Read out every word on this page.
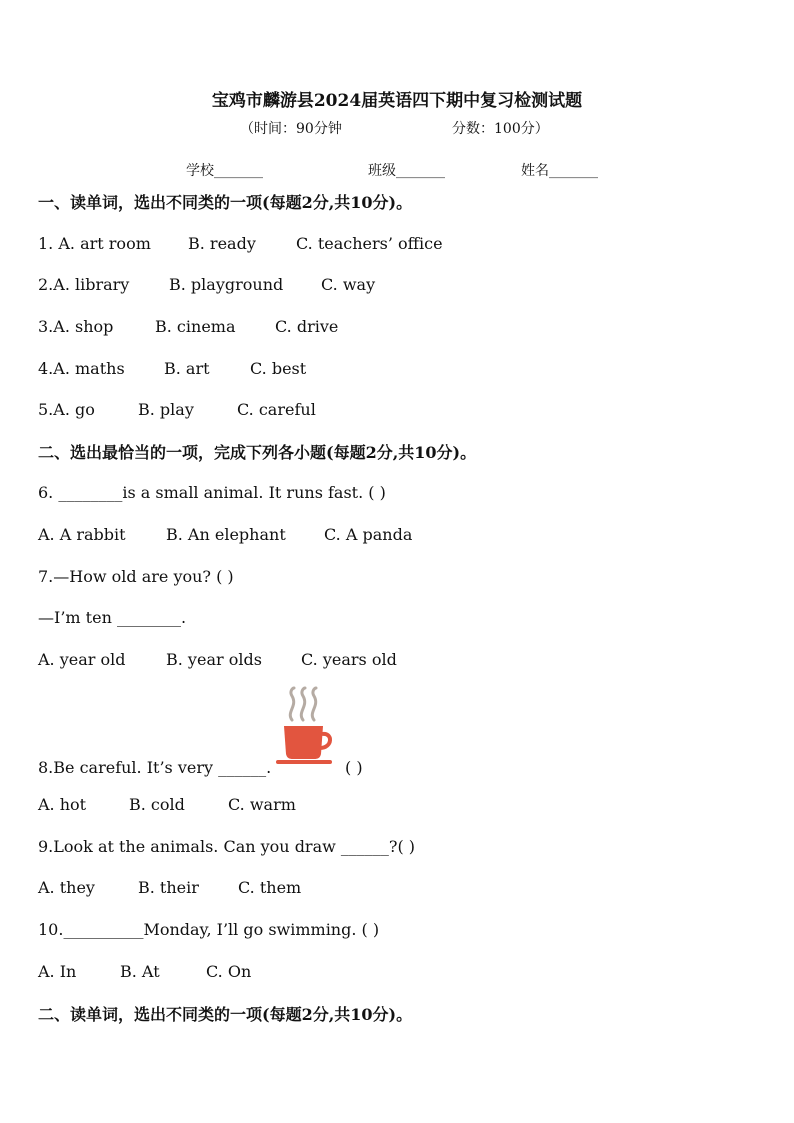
宝鸡市麟游县2024届英语四下期中复习检测试题
（时间：90分钟	分数：100分）
学校_______	班级_______	姓名_______
一、读单词，选出不同类的一项(每题2分,共10分)。
1. A. art room B. ready	C. teachers’ office
2.A. library B. playground C. way
3.A. shop	B. cinema C. drive
4.A. maths B. art	C. best
5.A. go	B. play	C. careful
二、选出最恰当的一项，完成下列各小题(每题2分,共10分)。
6. ________is a small animal. It runs fast. ( )
A. A rabbit	B. An elephant C. A panda
7.—How old are you? ( )
—I’m ten ________.
A. year old	B. year olds C. years old
8.Be careful. It’s very ______.	( )
A. hot	B. cold	C. warm
9.Look at the animals. Can you draw ______?( )
A. they	B. their C. them
10.__________Monday, I’ll go swimming. ( )
A. In	B. At	C. On
二、读单词，选出不同类的一项(每题2分,共10分)。
